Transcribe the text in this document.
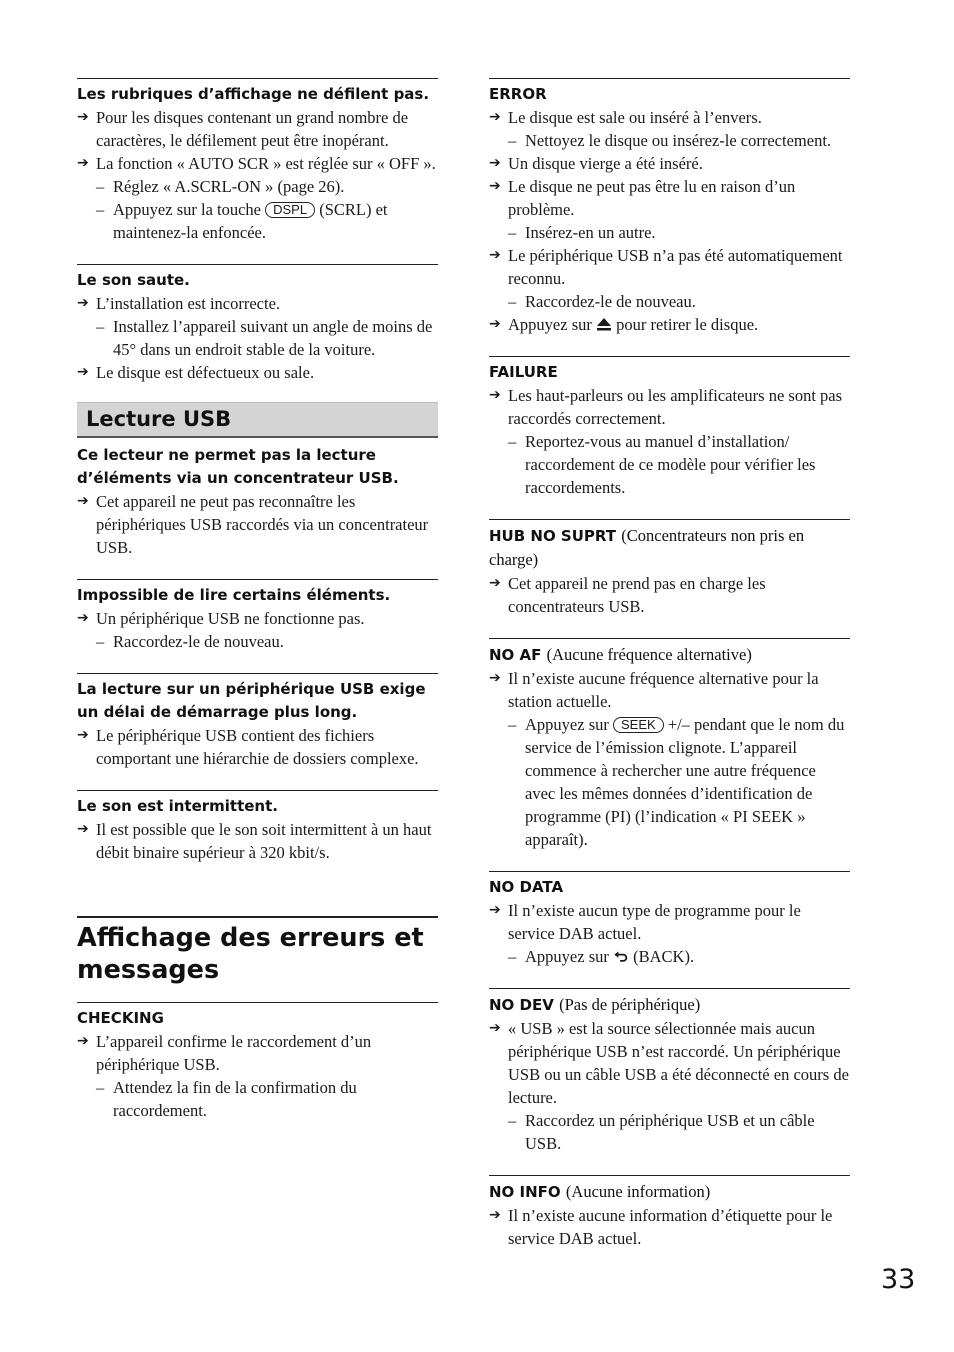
Les rubriques d’affichage ne défilent pas.
➔ Pour les disques contenant un grand nombre de caractères, le défilement peut être inopérant.
➔ La fonction « AUTO SCR » est réglée sur « OFF ».
– Réglez « A.SCRL-ON » (page 26).
– Appuyez sur la touche DSPL (SCRL) et maintenez-la enfoncée.
Le son saute.
➔ L’installation est incorrecte.
– Installez l’appareil suivant un angle de moins de 45° dans un endroit stable de la voiture.
➔ Le disque est défectueux ou sale.
Lecture USB
Ce lecteur ne permet pas la lecture d’éléments via un concentrateur USB.
➔ Cet appareil ne peut pas reconnaître les périphériques USB raccordés via un concentrateur USB.
Impossible de lire certains éléments.
➔ Un périphérique USB ne fonctionne pas.
– Raccordez-le de nouveau.
La lecture sur un périphérique USB exige un délai de démarrage plus long.
➔ Le périphérique USB contient des fichiers comportant une hiérarchie de dossiers complexe.
Le son est intermittent.
➔ Il est possible que le son soit intermittent à un haut débit binaire supérieur à 320 kbit/s.
Affichage des erreurs et messages
CHECKING
➔ L’appareil confirme le raccordement d’un périphérique USB.
– Attendez la fin de la confirmation du raccordement.
ERROR
➔ Le disque est sale ou inséré à l’envers.
– Nettoyez le disque ou insérez-le correctement.
➔ Un disque vierge a été inséré.
➔ Le disque ne peut pas être lu en raison d’un problème.
– Insérez-en un autre.
➔ Le périphérique USB n’a pas été automatiquement reconnu.
– Raccordez-le de nouveau.
➔ Appuyez sur pour retirer le disque.
FAILURE
➔ Les haut-parleurs ou les amplificateurs ne sont pas raccordés correctement.
– Reportez-vous au manuel d’installation/ raccordement de ce modèle pour vérifier les raccordements.
HUB NO SUPRT (Concentrateurs non pris en charge)
➔ Cet appareil ne prend pas en charge les concentrateurs USB.
NO AF (Aucune fréquence alternative)
➔ Il n’existe aucune fréquence alternative pour la station actuelle.
– Appuyez sur SEEK +/– pendant que le nom du service de l’émission clignote. L’appareil commence à rechercher une autre fréquence avec les mêmes données d’identification de programme (PI) (l’indication « PI SEEK » apparaît).
NO DATA
➔ Il n’existe aucun type de programme pour le service DAB actuel.
– Appuyez sur (BACK).
NO DEV (Pas de périphérique)
➔ « USB » est la source sélectionnée mais aucun périphérique USB n’est raccordé. Un périphérique USB ou un câble USB a été déconnecté en cours de lecture.
– Raccordez un périphérique USB et un câble USB.
NO INFO (Aucune information)
➔ Il n’existe aucune information d’étiquette pour le service DAB actuel.
33
